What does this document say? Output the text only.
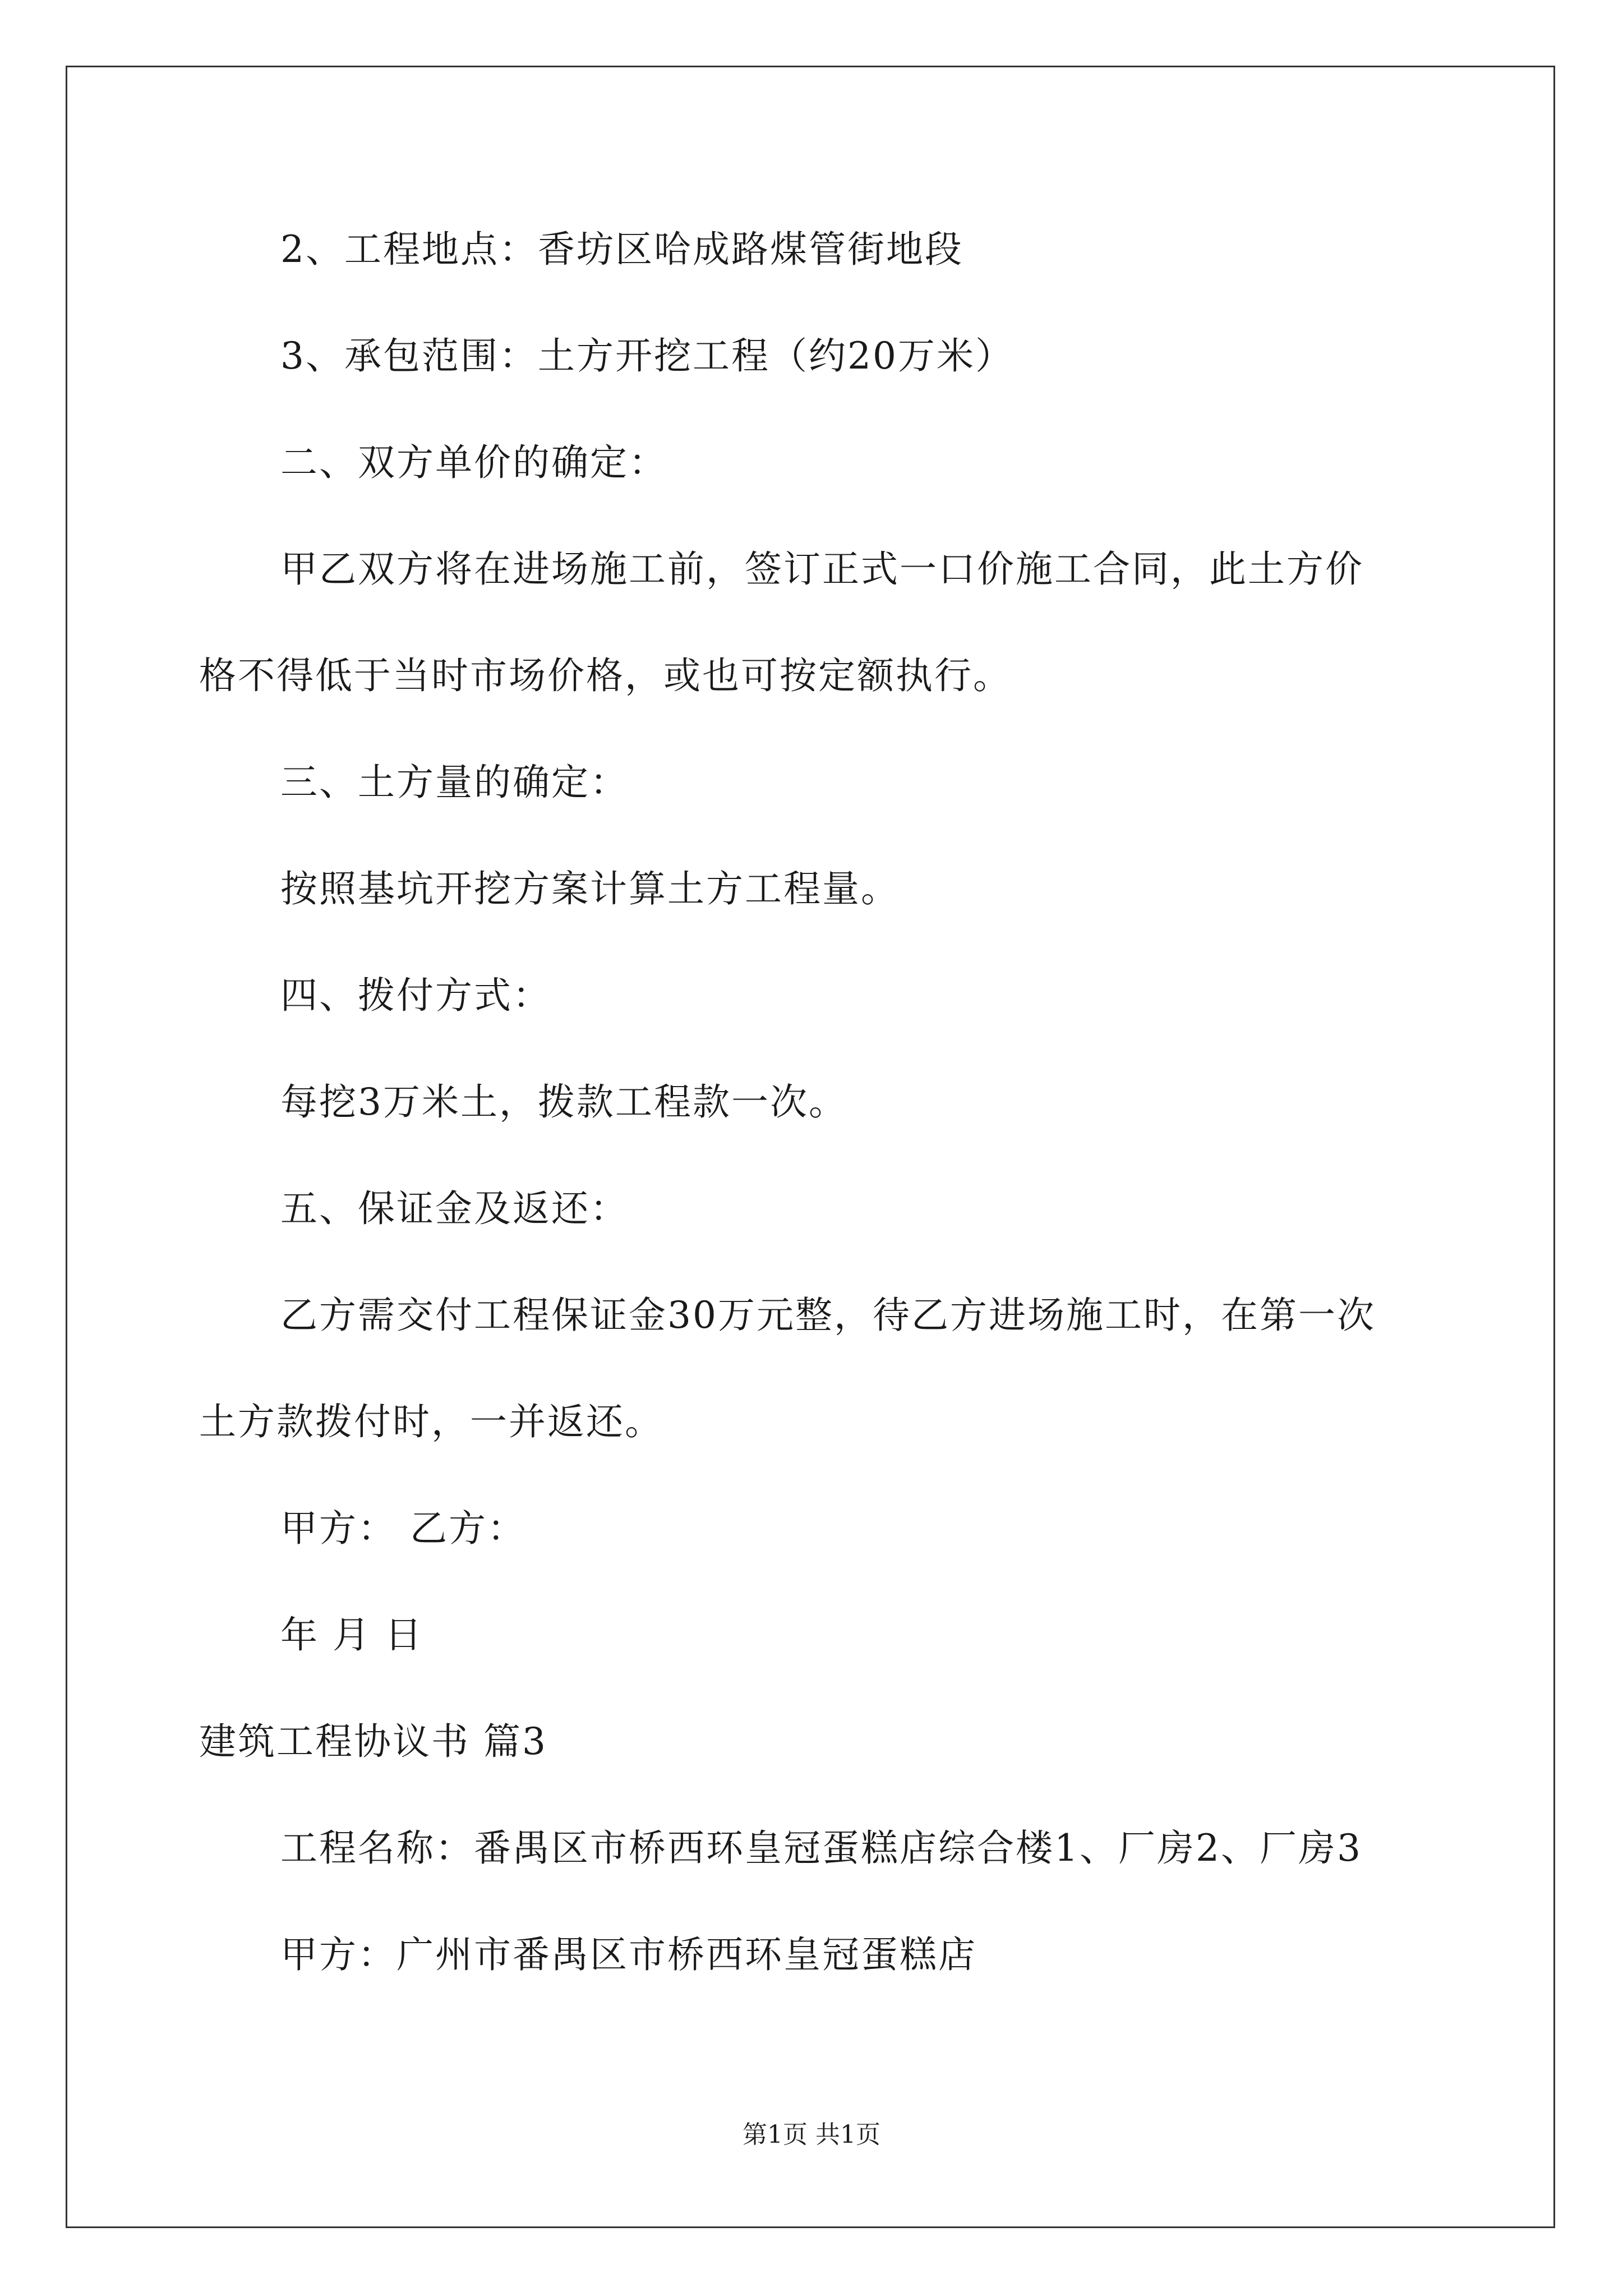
2、工程地点：香坊区哈成路煤管街地段
3、承包范围：土方开挖工程（约20万米）
二、双方单价的确定：
甲乙双方将在进场施工前，签订正式一口价施工合同，此土方价
格不得低于当时市场价格，或也可按定额执行。
三、土方量的确定：
按照基坑开挖方案计算土方工程量。
四、拨付方式：
每挖3万米土，拨款工程款一次。
五、保证金及返还：
乙方需交付工程保证金30万元整，待乙方进场施工时，在第一次
土方款拨付时，一并返还。
甲方： 乙方：
年 月 日
建筑工程协议书 篇3
工程名称：番禺区市桥西环皇冠蛋糕店综合楼1、厂房2、厂房3
甲方：广州市番禺区市桥西环皇冠蛋糕店
第1页 共1页
